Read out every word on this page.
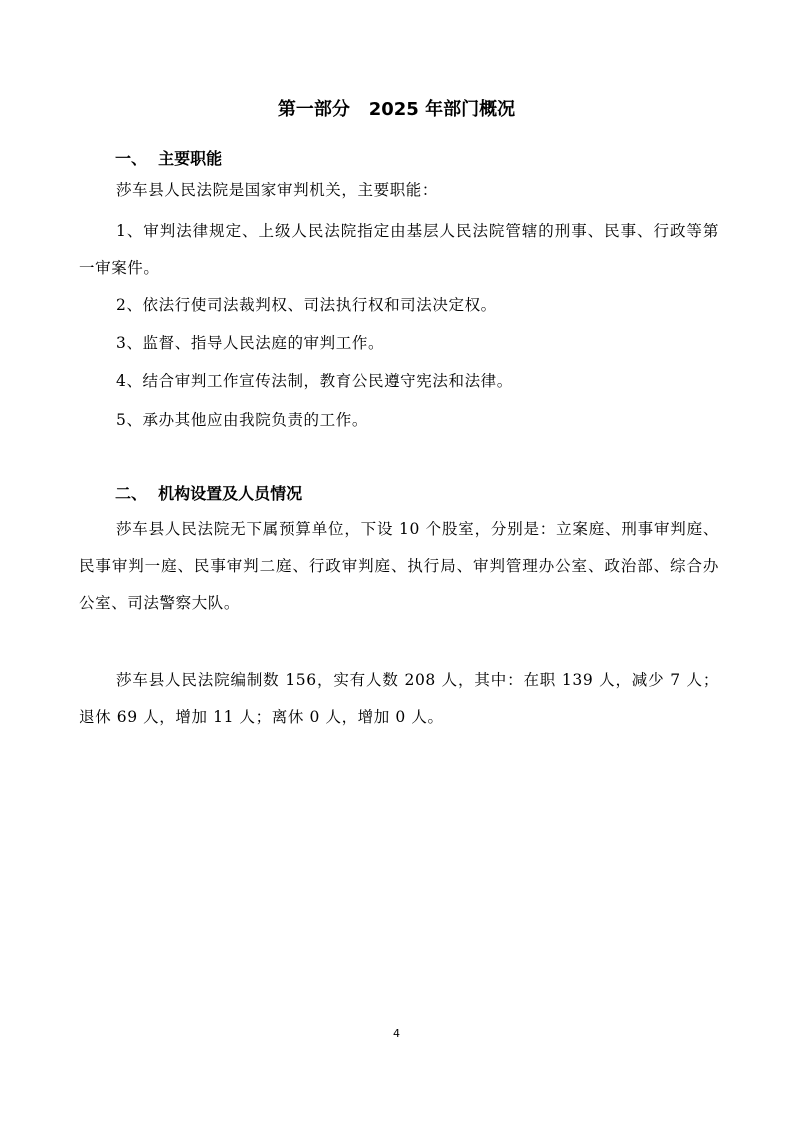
第一部分   2025 年部门概况
一、  主要职能

莎车县人民法院是国家审判机关，主要职能：

1、审判法律规定、上级人民法院指定由基层人民法院管辖的刑事、民事、行政等第一审案件。

2、依法行使司法裁判权、司法执行权和司法决定权。

3、监督、指导人民法庭的审判工作。

4、结合审判工作宣传法制，教育公民遵守宪法和法律。

5、承办其他应由我院负责的工作。

二、  机构设置及人员情况

莎车县人民法院无下属预算单位，下设 10 个股室，分别是：立案庭、刑事审判庭、民事审判一庭、民事审判二庭、行政审判庭、执行局、审判管理办公室、政治部、综合办公室、司法警察大队。

莎车县人民法院编制数 156，实有人数 208 人，其中：在职 139 人，减少 7 人；退休 69 人，增加 11 人；离休 0 人，增加 0 人。

4
